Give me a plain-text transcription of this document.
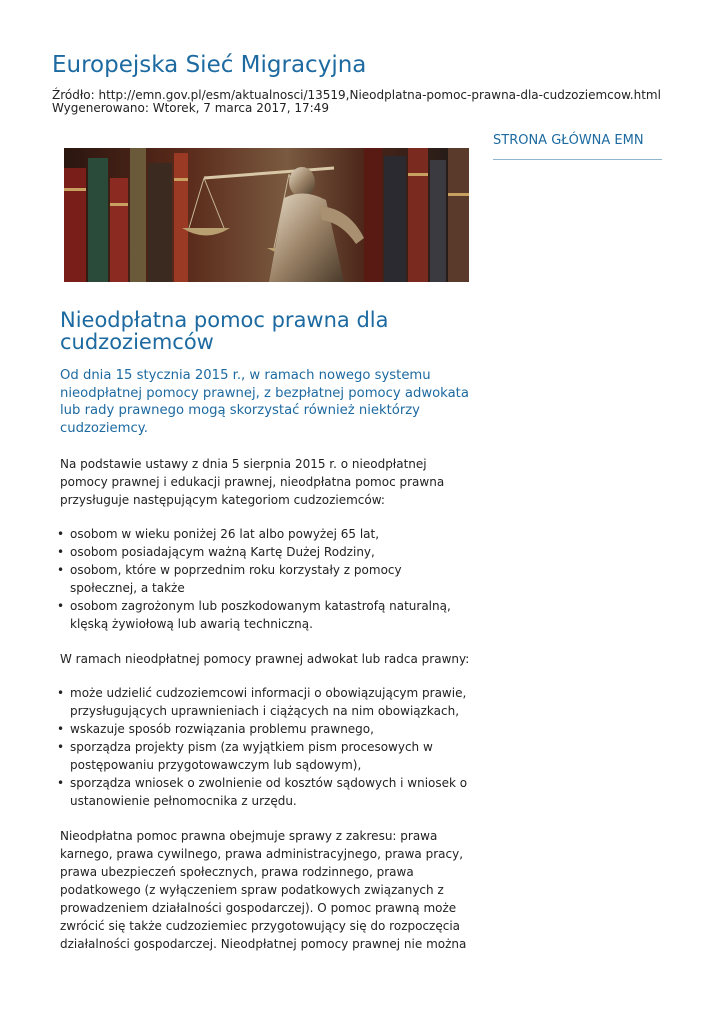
Europejska Sieć Migracyjna
Źródło: http://emn.gov.pl/esm/aktualnosci/13519,Nieodplatna-pomoc-prawna-dla-cudzoziemcow.html
Wygenerowano: Wtorek, 7 marca 2017, 17:49
STRONA GŁÓWNA EMN
Nieodpłatna pomoc prawna dla cudzoziemców

Od dnia 15 stycznia 2015 r., w ramach nowego systemu nieodpłatnej pomocy prawnej, z bezpłatnej pomocy adwokata lub rady prawnego mogą skorzystać również niektórzy cudzoziemcy.

Na podstawie ustawy z dnia 5 sierpnia 2015 r. o nieodpłatnej pomocy prawnej i edukacji prawnej, nieodpłatna pomoc prawna przysługuje następującym kategoriom cudzoziemców:

• osobom w wieku poniżej 26 lat albo powyżej 65 lat,
• osobom posiadającym ważną Kartę Dużej Rodziny,
• osobom, które w poprzednim roku korzystały z pomocy społecznej, a także
• osobom zagrożonym lub poszkodowanym katastrofą naturalną, klęską żywiołową lub awarią techniczną.

W ramach nieodpłatnej pomocy prawnej adwokat lub radca prawny:

• może udzielić cudzoziemcowi informacji o obowiązującym prawie, przysługujących uprawnieniach i ciążących na nim obowiązkach,
• wskazuje sposób rozwiązania problemu prawnego,
• sporządza projekty pism (za wyjątkiem pism procesowych w postępowaniu przygotowawczym lub sądowym),
• sporządza wniosek o zwolnienie od kosztów sądowych i wniosek o ustanowienie pełnomocnika z urzędu.

Nieodpłatna pomoc prawna obejmuje sprawy z zakresu: prawa karnego, prawa cywilnego, prawa administracyjnego, prawa pracy, prawa ubezpieczeń społecznych, prawa rodzinnego, prawa podatkowego (z wyłączeniem spraw podatkowych związanych z prowadzeniem działalności gospodarczej). O pomoc prawną może zwrócić się także cudzoziemiec przygotowujący się do rozpoczęcia działalności gospodarczej. Nieodpłatnej pomocy prawnej nie można
